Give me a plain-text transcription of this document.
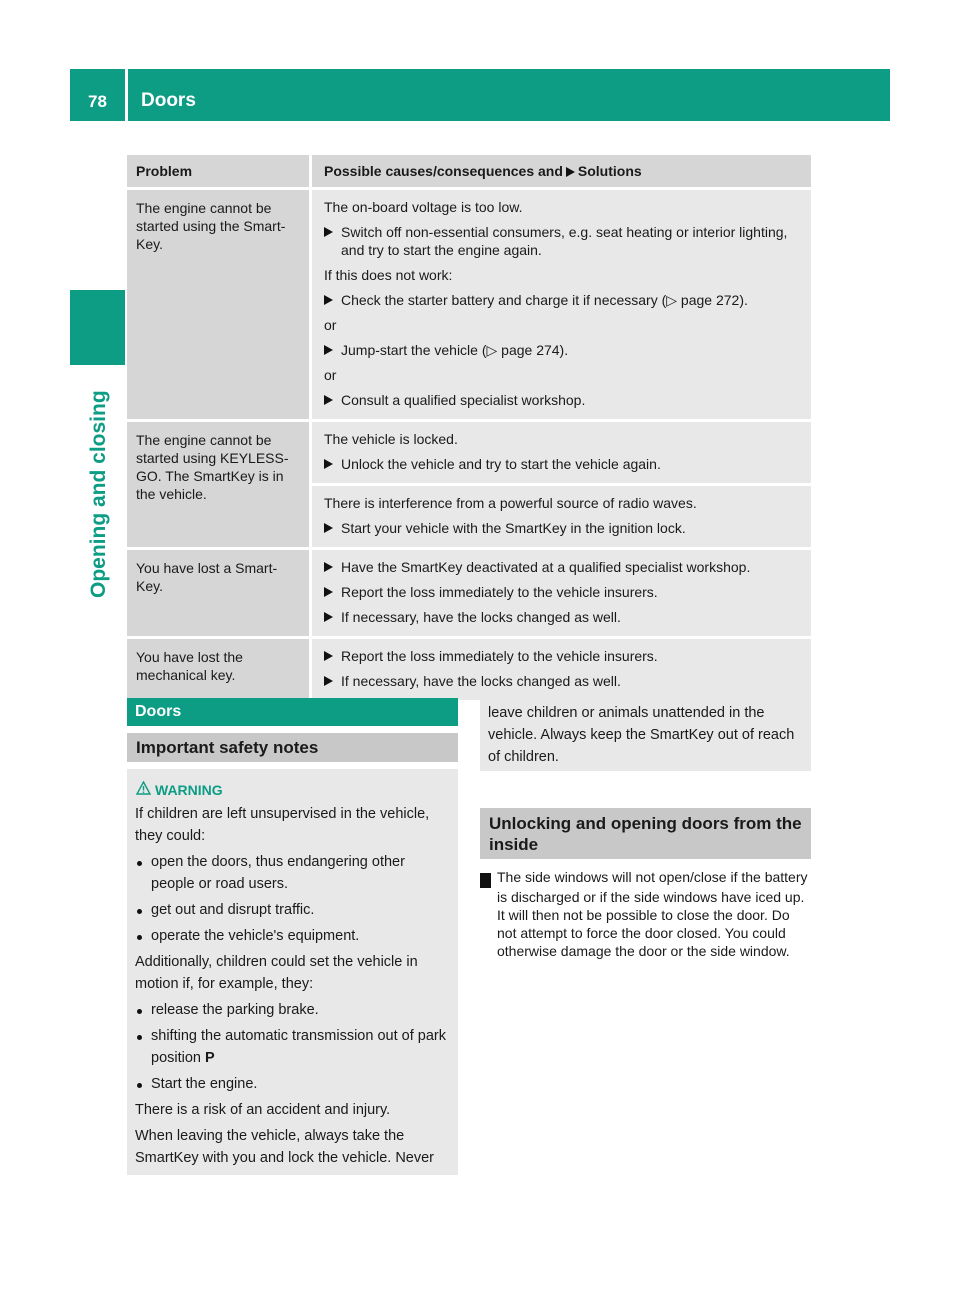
78	Doors
Opening and closing
Problem	Possible causes/consequences and Solutions
The engine cannot be started using the Smart-Key.
The on-board voltage is too low.
Switch off non-essential consumers, e.g. seat heating or interior lighting, and try to start the engine again.
If this does not work:
Check the starter battery and charge it if necessary (▷ page 272).
or
Jump-start the vehicle (▷ page 274).
or
Consult a qualified specialist workshop.
The engine cannot be started using KEYLESS-GO. The SmartKey is in the vehicle.
The vehicle is locked.
Unlock the vehicle and try to start the vehicle again.
There is interference from a powerful source of radio waves.
Start your vehicle with the SmartKey in the ignition lock.
You have lost a Smart-Key.
Have the SmartKey deactivated at a qualified specialist workshop.
Report the loss immediately to the vehicle insurers.
If necessary, have the locks changed as well.
You have lost the mechanical key.
Report the loss immediately to the vehicle insurers.
If necessary, have the locks changed as well.
Doors
Important safety notes
WARNING
If children are left unsupervised in the vehicle, they could:
open the doors, thus endangering other people or road users.
get out and disrupt traffic.
operate the vehicle's equipment.
Additionally, children could set the vehicle in motion if, for example, they:
release the parking brake.
shifting the automatic transmission out of park position P
Start the engine.
There is a risk of an accident and injury.
When leaving the vehicle, always take the SmartKey with you and lock the vehicle. Never
leave children or animals unattended in the vehicle. Always keep the SmartKey out of reach of children.
Unlocking and opening doors from the inside
! The side windows will not open/close if the battery is discharged or if the side windows have iced up. It will then not be possible to close the door. Do not attempt to force the door closed. You could otherwise damage the door or the side window.
